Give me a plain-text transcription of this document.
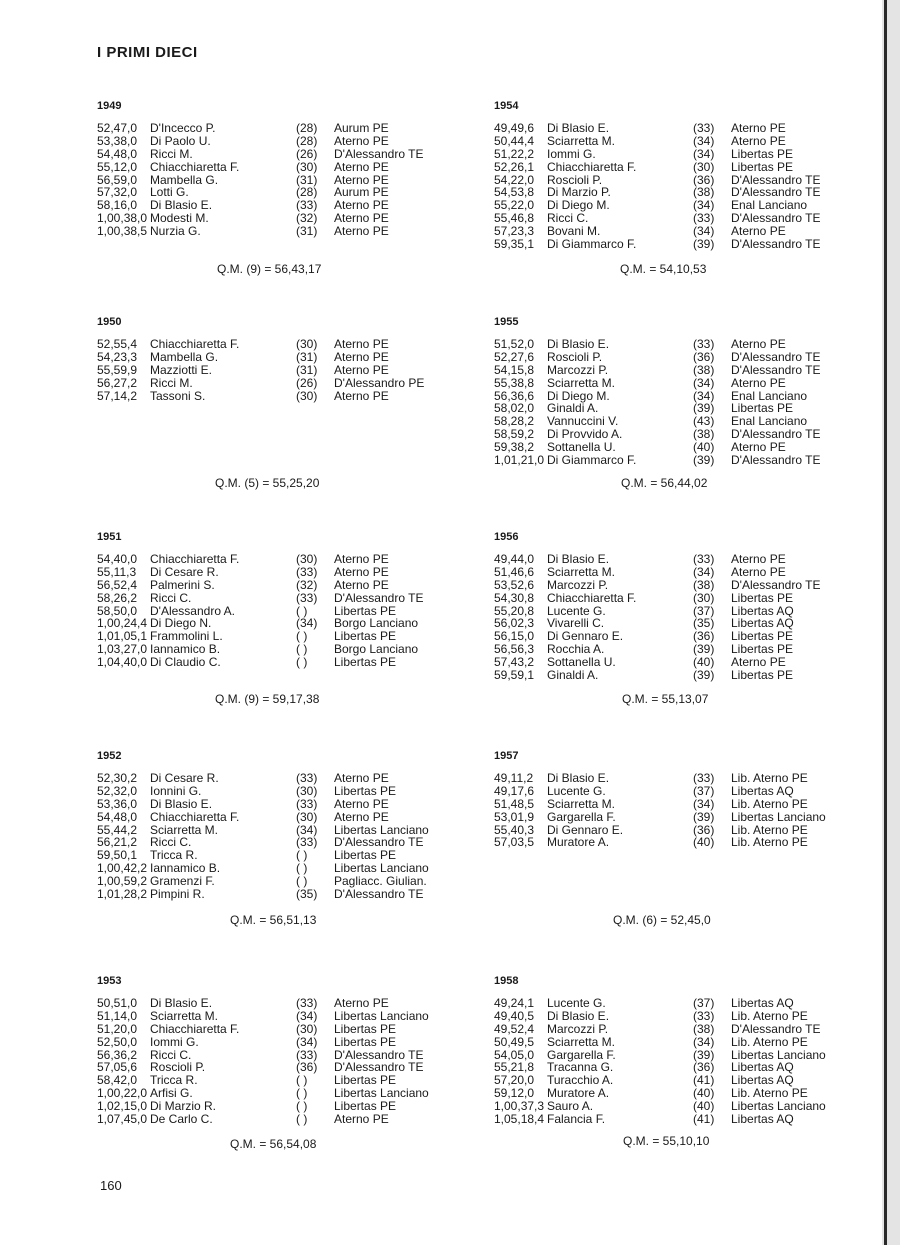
I PRIMI DIECI
1949
52,47,0 D'Incecco P.	(28) Aurum PE
53,38,0 Di Paolo U.	(28) Aterno PE
54,48,0 Ricci M.	(26) D'Alessandro TE
55,12,0 Chiacchiaretta F.	(30) Aterno PE
56,59,0 Mambella G.	(31) Aterno PE
57,32,0 Lotti G.	(28) Aurum PE
58,16,0 Di Blasio E.	(33) Aterno PE
1,00,38,0 Modesti M.	(32) Aterno PE
1,00,38,5 Nurzia G.	(31) Aterno PE
Q.M. (9) = 56,43,17
1950
52,55,4 Chiacchiaretta F.	(30) Aterno PE
54,23,3 Mambella G.	(31) Aterno PE
55,59,9 Mazziotti E.	(31) Aterno PE
56,27,2 Ricci M.	(26) D'Alessandro PE
57,14,2 Tassoni S.	(30) Aterno PE
Q.M. (5) = 55,25,20
1951
54,40,0 Chiacchiaretta F.	(30) Aterno PE
55,11,3 Di Cesare R.	(33) Aterno PE
56,52,4 Palmerini S.	(32) Aterno PE
58,26,2 Ricci C.	(33) D'Alessandro TE
58,50,0 D'Alessandro A.	( ) Libertas PE
1,00,24,4 Di Diego N.	(34) Borgo Lanciano
1,01,05,1 Frammolini L.	( ) Libertas PE
1,03,27,0 Iannamico B.	( ) Borgo Lanciano
1,04,40,0 Di Claudio C.	( ) Libertas PE
Q.M. (9) = 59,17,38
1952
52,30,2 Di Cesare R.	(33) Aterno PE
52,32,0 Ionnini G.	(30) Libertas PE
53,36,0 Di Blasio E.	(33) Aterno PE
54,48,0 Chiacchiaretta F.	(30) Aterno PE
55,44,2 Sciarretta M.	(34) Libertas Lanciano
56,21,2 Ricci C.	(33) D'Alessandro TE
59,50,1 Tricca R.	( ) Libertas PE
1,00,42,2 Iannamico B.	( ) Libertas Lanciano
1,00,59,2 Gramenzi F.	( ) Pagliacc. Giulian.
1,01,28,2 Pimpini R.	(35) D'Alessandro TE
Q.M. = 56,51,13
1953
50,51,0 Di Blasio E.	(33) Aterno PE
51,14,0 Sciarretta M.	(34) Libertas Lanciano
51,20,0 Chiacchiaretta F.	(30) Libertas PE
52,50,0 Iommi G.	(34) Libertas PE
56,36,2 Ricci C.	(33) D'Alessandro TE
57,05,6 Roscioli P.	(36) D'Alessandro TE
58,42,0 Tricca R.	( ) Libertas PE
1,00,22,0 Arfisi G.	( ) Libertas Lanciano
1,02,15,0 Di Marzio R.	( ) Libertas PE
1,07,45,0 De Carlo C.	( ) Aterno PE
Q.M. = 56,54,08
1954
49,49,6 Di Blasio E.	(33) Aterno PE
50,44,4 Sciarretta M.	(34) Aterno PE
51,22,2 Iommi G.	(34) Libertas PE
52,26,1 Chiacchiaretta F.	(30) Libertas PE
54,22,0 Roscioli P.	(36) D'Alessandro TE
54,53,8 Di Marzio P.	(38) D'Alessandro TE
55,22,0 Di Diego M.	(34) Enal Lanciano
55,46,8 Ricci C.	(33) D'Alessandro TE
57,23,3 Bovani M.	(34) Aterno PE
59,35,1 Di Giammarco F.	(39) D'Alessandro TE
Q.M. = 54,10,53
1955
51,52,0 Di Blasio E.	(33) Aterno PE
52,27,6 Roscioli P.	(36) D'Alessandro TE
54,15,8 Marcozzi P.	(38) D'Alessandro TE
55,38,8 Sciarretta M.	(34) Aterno PE
56,36,6 Di Diego M.	(34) Enal Lanciano
58,02,0 Ginaldi A.	(39) Libertas PE
58,28,2 Vannuccini V.	(43) Enal Lanciano
58,59,2 Di Provvido A.	(38) D'Alessandro TE
59,38,2 Sottanella U.	(40) Aterno PE
1,01,21,0 Di Giammarco F.	(39) D'Alessandro TE
Q.M. = 56,44,02
1956
49,44,0 Di Blasio E.	(33) Aterno PE
51,46,6 Sciarretta M.	(34) Aterno PE
53,52,6 Marcozzi P.	(38) D'Alessandro TE
54,30,8 Chiacchiaretta F.	(30) Libertas PE
55,20,8 Lucente G.	(37) Libertas AQ
56,02,3 Vivarelli C.	(35) Libertas AQ
56,15,0 Di Gennaro E.	(36) Libertas PE
56,56,3 Rocchia A.	(39) Libertas PE
57,43,2 Sottanella U.	(40) Aterno PE
59,59,1 Ginaldi A.	(39) Libertas PE
Q.M. = 55,13,07
1957
49,11,2 Di Blasio E.	(33) Lib. Aterno PE
49,17,6 Lucente G.	(37) Libertas AQ
51,48,5 Sciarretta M.	(34) Lib. Aterno PE
53,01,9 Gargarella F.	(39) Libertas Lanciano
55,40,3 Di Gennaro E.	(36) Lib. Aterno PE
57,03,5 Muratore A.	(40) Lib. Aterno PE
Q.M. (6) = 52,45,0
1958
49,24,1 Lucente G.	(37) Libertas AQ
49,40,5 Di Blasio E.	(33) Lib. Aterno PE
49,52,4 Marcozzi P.	(38) D'Alessandro TE
50,49,5 Sciarretta M.	(34) Lib. Aterno PE
54,05,0 Gargarella F.	(39) Libertas Lanciano
55,21,8 Tracanna G.	(36) Libertas AQ
57,20,0 Turacchio A.	(41) Libertas AQ
59,12,0 Muratore A.	(40) Lib. Aterno PE
1,00,37,3 Sauro A.	(40) Libertas Lanciano
1,05,18,4 Falancia F.	(41) Libertas AQ
Q.M. = 55,10,10
160
